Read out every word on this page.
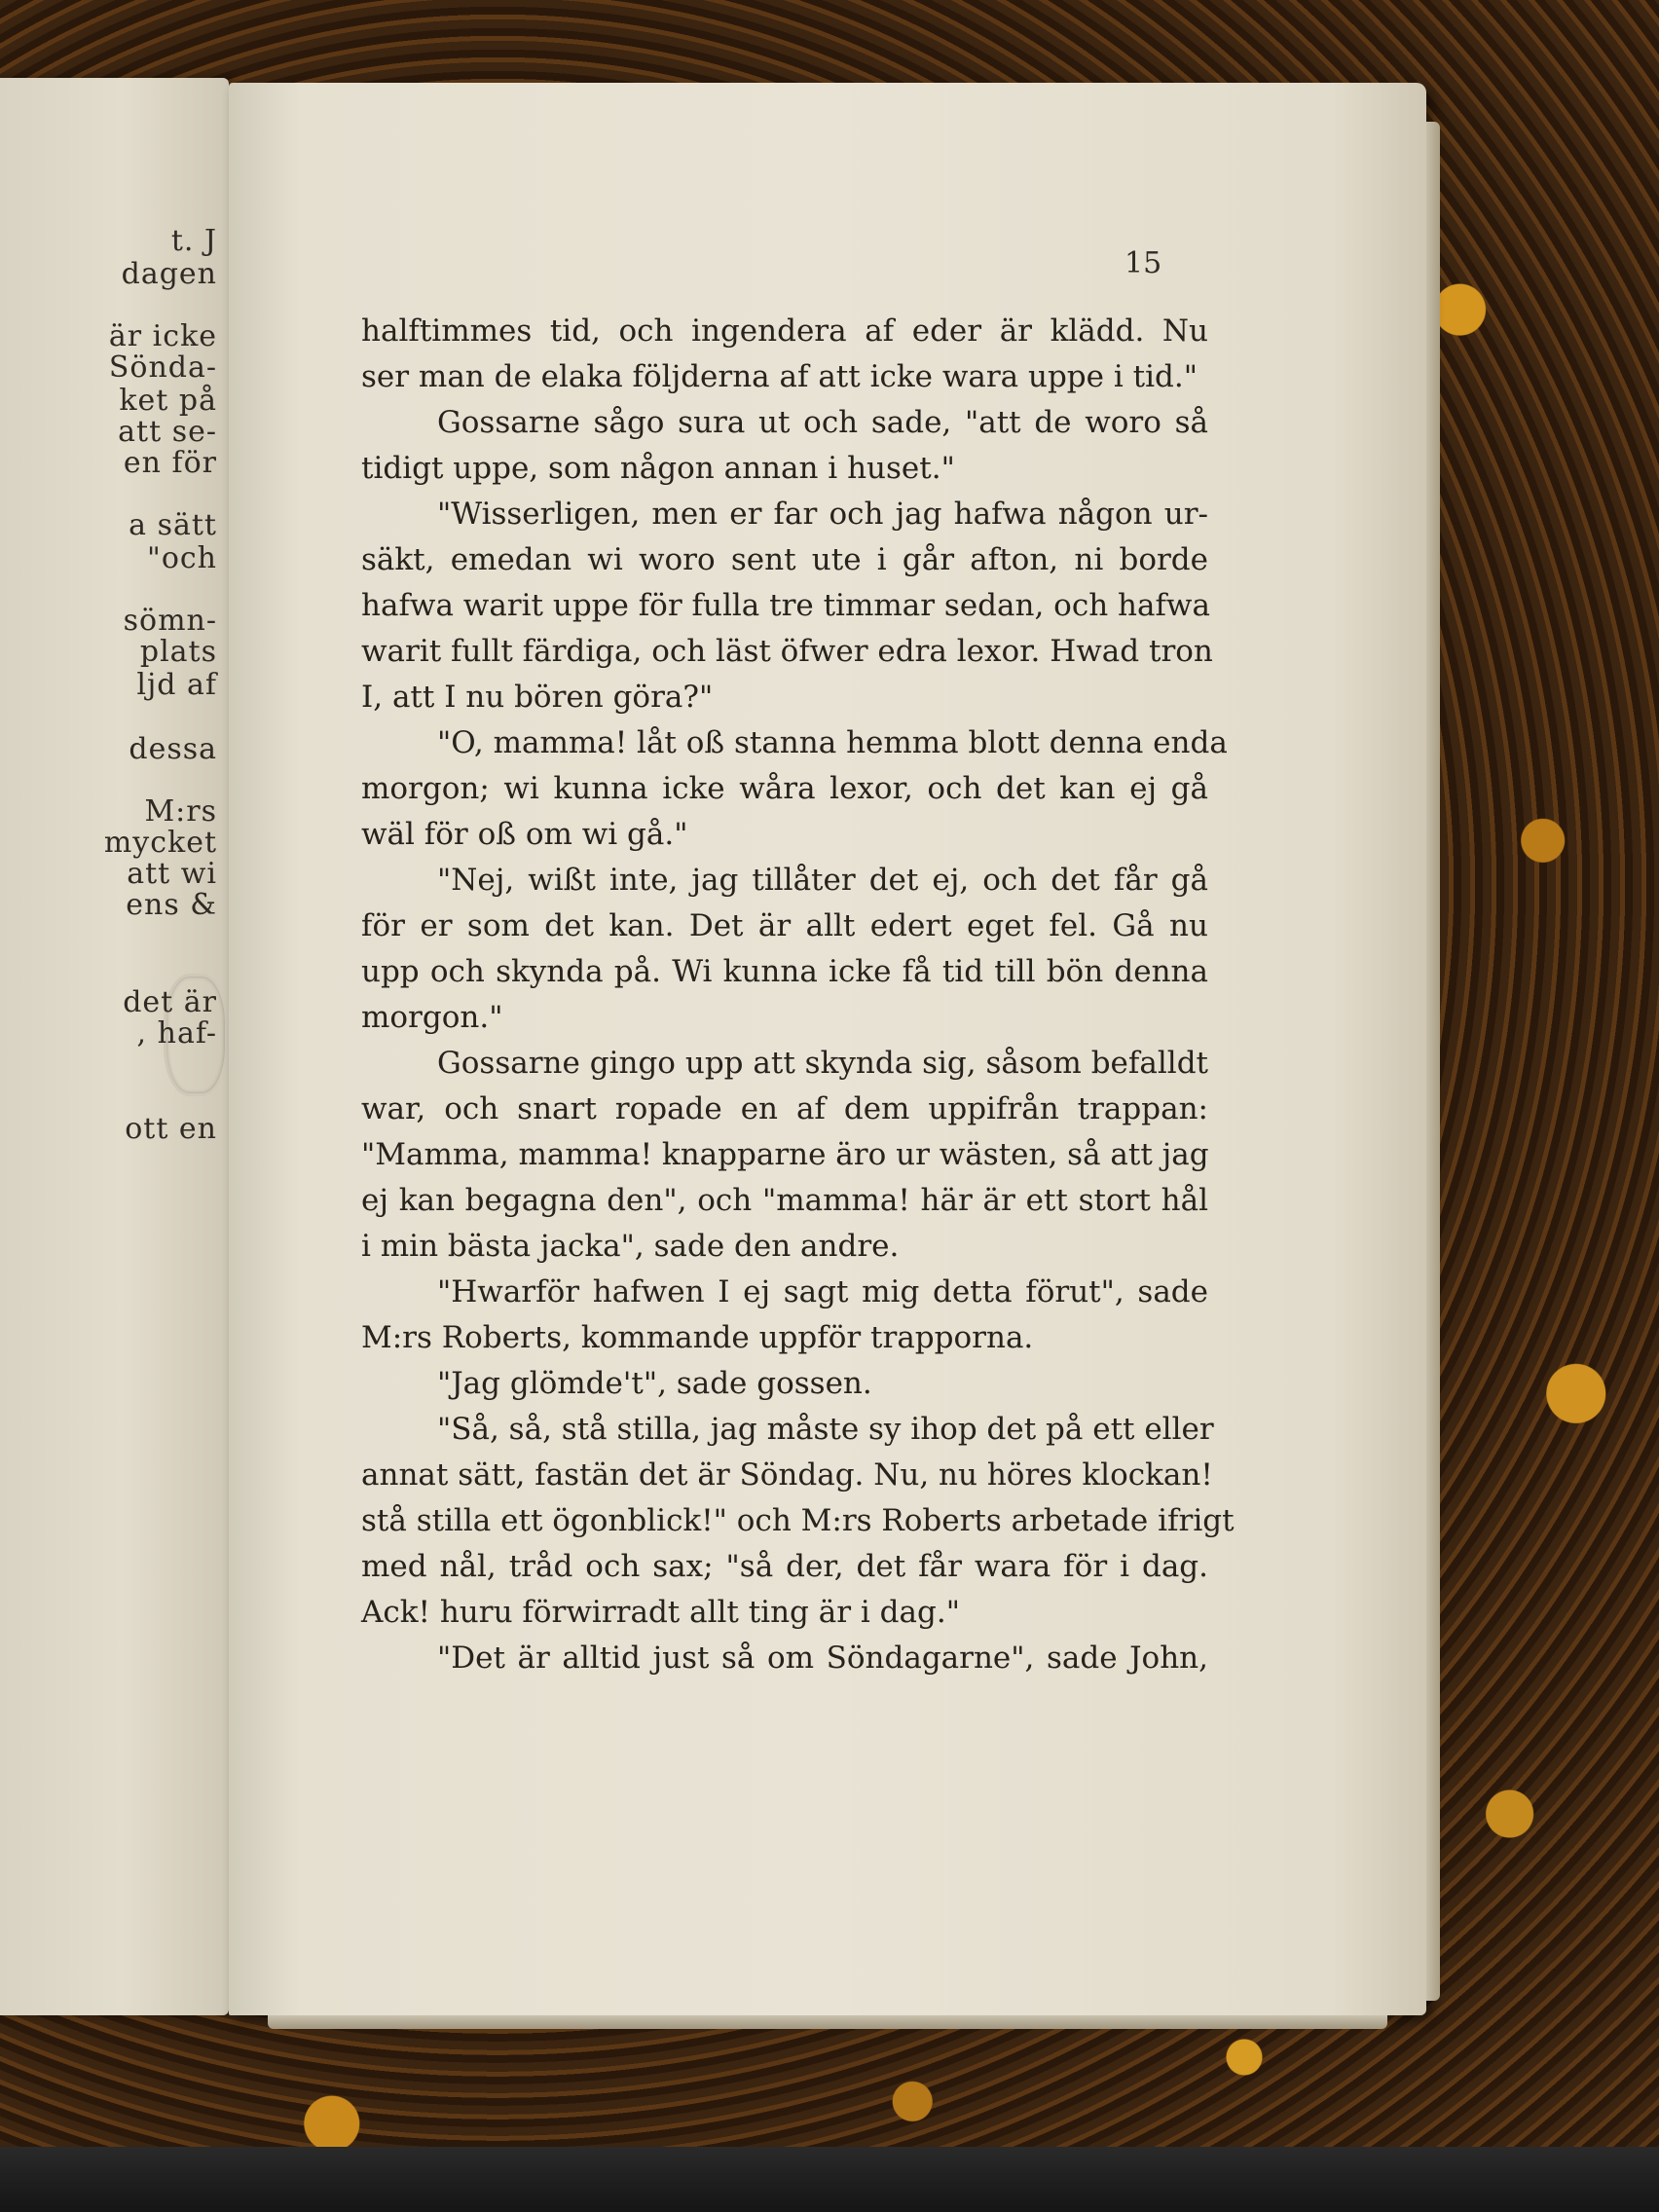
t. J
dagen
är icke
Sönda-
ket på
att se-
en för
a sätt
"och
sömn-
plats
ljd af
dessa
M:rs
mycket
att wi
ens &
det är
, haf-
ott en
15
halftimmes tid, och ingendera af eder är klädd. Nu
ser man de elaka följderna af att icke wara uppe i tid."
Gossarne sågo sura ut och sade, "att de woro så
tidigt uppe, som någon annan i huset."
"Wisserligen, men er far och jag hafwa någon ur-
säkt, emedan wi woro sent ute i går afton, ni borde
hafwa warit uppe för fulla tre timmar sedan, och hafwa
warit fullt färdiga, och läst öfwer edra lexor. Hwad tron
I, att I nu bören göra?"
"O, mamma! låt oß stanna hemma blott denna enda
morgon; wi kunna icke wåra lexor, och det kan ej gå
wäl för oß om wi gå."
"Nej, wißt inte, jag tillåter det ej, och det får gå
för er som det kan. Det är allt edert eget fel. Gå nu
upp och skynda på. Wi kunna icke få tid till bön denna
morgon."
Gossarne gingo upp att skynda sig, såsom befalldt
war, och snart ropade en af dem uppifrån trappan:
"Mamma, mamma! knapparne äro ur wästen, så att jag
ej kan begagna den", och "mamma! här är ett stort hål
i min bästa jacka", sade den andre.
"Hwarför hafwen I ej sagt mig detta förut", sade
M:rs Roberts, kommande uppför trapporna.
"Jag glömde't", sade gossen.
"Så, så, stå stilla, jag måste sy ihop det på ett eller
annat sätt, fastän det är Söndag. Nu, nu höres klockan!
stå stilla ett ögonblick!" och M:rs Roberts arbetade ifrigt
med nål, tråd och sax; "så der, det får wara för i dag.
Ack! huru förwirradt allt ting är i dag."
"Det är alltid just så om Söndagarne", sade John,
